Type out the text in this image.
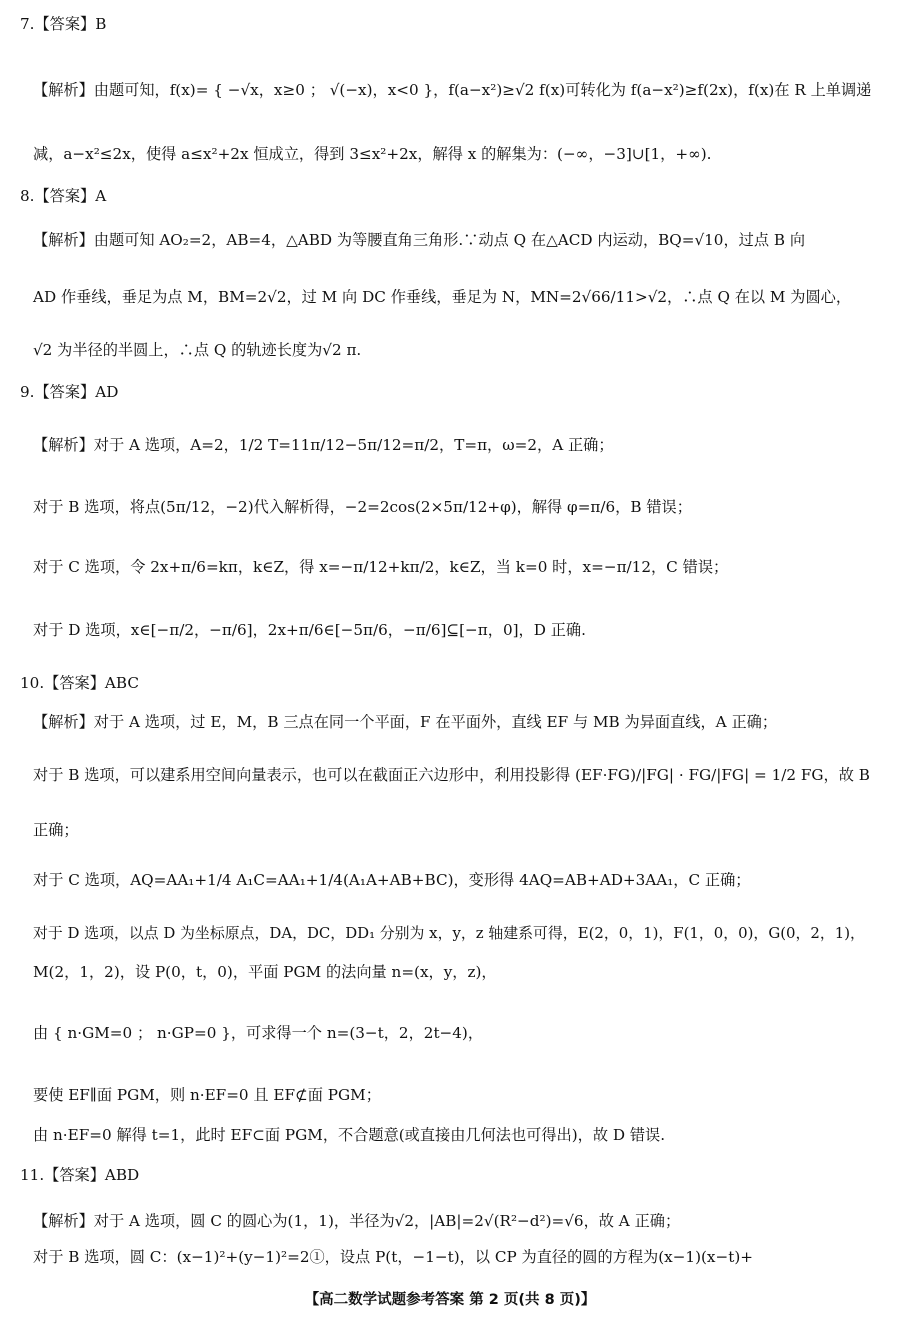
7.【答案】B
【解析】由题可知，f(x)= { −√x，x≥0 ； √(−x)，x<0 }，f(a−x²)≥√2 f(x)可转化为 f(a−x²)≥f(2x)，f(x)在 R 上单调递
减，a−x²≤2x，使得 a≤x²+2x 恒成立，得到 3≤x²+2x，解得 x 的解集为：(−∞，−3]∪[1，+∞).
8.【答案】A
【解析】由题可知 AO₂=2，AB=4，△ABD 为等腰直角三角形.∵动点 Q 在△ACD 内运动，BQ=√10，过点 B 向
AD 作垂线，垂足为点 M，BM=2√2，过 M 向 DC 作垂线，垂足为 N，MN=2√66/11>√2，∴点 Q 在以 M 为圆心，
√2 为半径的半圆上，∴点 Q 的轨迹长度为√2 π.
9.【答案】AD
【解析】对于 A 选项，A=2，1/2 T=11π/12−5π/12=π/2，T=π，ω=2，A 正确；
对于 B 选项，将点(5π/12，−2)代入解析得，−2=2cos(2×5π/12+φ)，解得 φ=π/6，B 错误；
对于 C 选项，令 2x+π/6=kπ，k∈Z，得 x=−π/12+kπ/2，k∈Z，当 k=0 时，x=−π/12，C 错误；
对于 D 选项，x∈[−π/2，−π/6]，2x+π/6∈[−5π/6，−π/6]⊆[−π，0]，D 正确.
10.【答案】ABC
【解析】对于 A 选项，过 E，M，B 三点在同一个平面，F 在平面外，直线 EF 与 MB 为异面直线，A 正确；
对于 B 选项，可以建系用空间向量表示，也可以在截面正六边形中，利用投影得 (EF·FG)/|FG| · FG/|FG| = 1/2 FG，故 B
正确；
对于 C 选项，AQ=AA₁+1/4 A₁C=AA₁+1/4(A₁A+AB+BC)，变形得 4AQ=AB+AD+3AA₁，C 正确；
对于 D 选项，以点 D 为坐标原点，DA，DC，DD₁ 分别为 x，y，z 轴建系可得，E(2，0，1)，F(1，0，0)，G(0，2，1)，
M(2，1，2)，设 P(0，t，0)，平面 PGM 的法向量 n=(x，y，z)，
由 { n·GM=0 ； n·GP=0 }，可求得一个 n=(3−t，2，2t−4)，
要使 EF∥面 PGM，则 n·EF=0 且 EF⊄面 PGM；
由 n·EF=0 解得 t=1，此时 EF⊂面 PGM，不合题意(或直接由几何法也可得出)，故 D 错误.
11.【答案】ABD
【解析】对于 A 选项，圆 C 的圆心为(1，1)，半径为√2，|AB|=2√(R²−d²)=√6，故 A 正确；
对于 B 选项，圆 C：(x−1)²+(y−1)²=2①，设点 P(t，−1−t)，以 CP 为直径的圆的方程为(x−1)(x−t)+
【高二数学试题参考答案 第 2 页(共 8 页)】
